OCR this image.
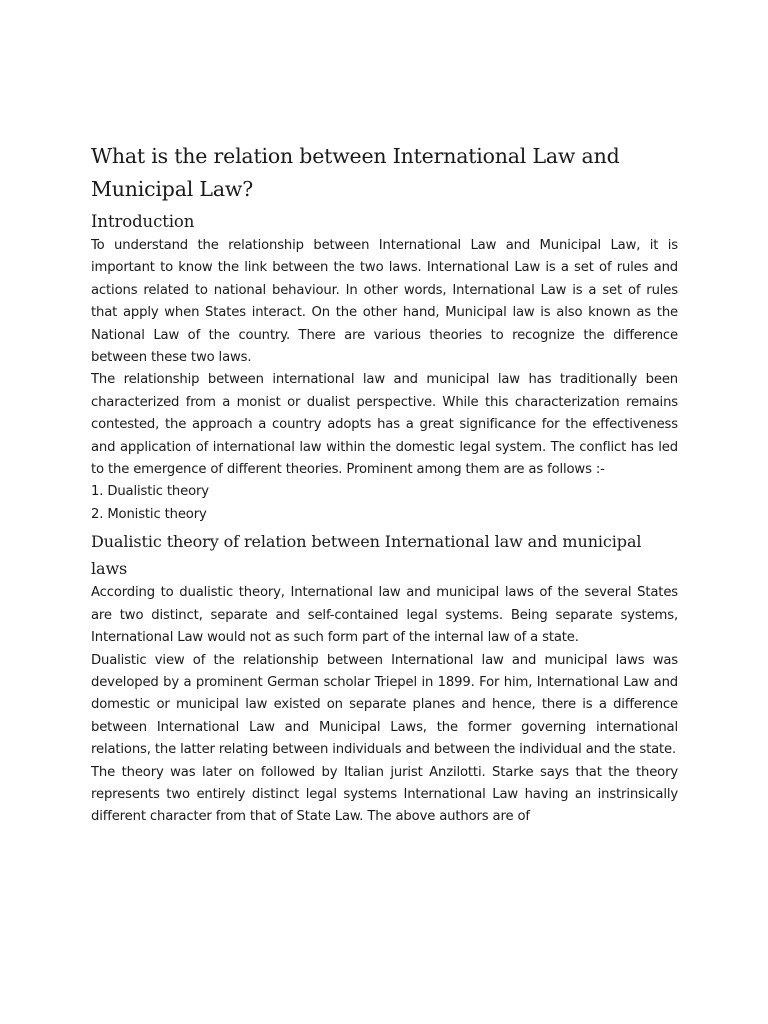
What is the relation between International Law and Municipal Law?
Introduction

To understand the relationship between International Law and Municipal Law, it is important to know the link between the two laws. International Law is a set of rules and actions related to national behaviour. In other words, International Law is a set of rules that apply when States interact. On the other hand, Municipal law is also known as the National Law of the country. There are various theories to recognize the difference between these two laws.

The relationship between international law and municipal law has traditionally been characterized from a monist or dualist perspective. While this characterization remains contested, the approach a country adopts has a great significance for the effectiveness and application of international law within the domestic legal system. The conflict has led to the emergence of different theories. Prominent among them are as follows :-

1. Dualistic theory

2. Monistic theory

Dualistic theory of relation between International law and municipal laws

According to dualistic theory, International law and municipal laws of the several States are two distinct, separate and self-contained legal systems. Being separate systems, International Law would not as such form part of the internal law of a state.

Dualistic view of the relationship between International law and municipal laws was developed by a prominent German scholar Triepel in 1899. For him, International Law and domestic or municipal law existed on separate planes and hence, there is a difference between International Law and Municipal Laws, the former governing international relations, the latter relating between individuals and between the individual and the state.

The theory was later on followed by Italian jurist Anzilotti. Starke says that the theory represents two entirely distinct legal systems International Law having an instrinsically different character from that of State Law. The above authors are of
